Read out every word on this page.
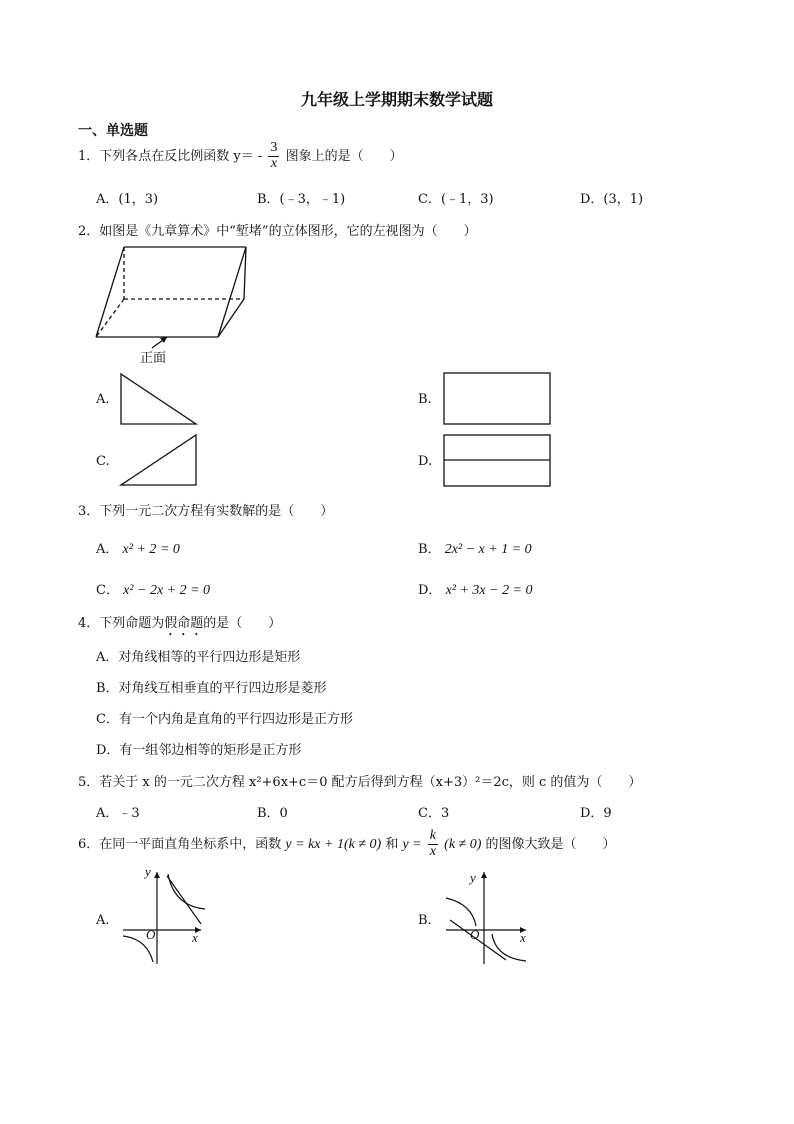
九年级上学期期末数学试题
一、单选题
1．下列各点在反比例函数 $y= - \frac{3}{x}$ 图象上的是（　　）
A．(1，3)	B．(﹣3，﹣1)	C．(﹣1，3)	D．(3，1)
2．如图是《九章算术》中“堑堵”的立体图形，它的左视图为（　　）
正面
A.	B.
C.	D.
3．下列一元二次方程有实数解的是（　　）
A． x² + 2 = 0	B． 2x² − x + 1 = 0
C． x² − 2x + 2 = 0	D． x² + 3x − 2 = 0
4．下列命题为假命题的是（　　）
A．对角线相等的平行四边形是矩形
B．对角线互相垂直的平行四边形是菱形
C．有一个内角是直角的平行四边形是正方形
D．有一组邻边相等的矩形是正方形
5．若关于 x 的一元二次方程 x²+6x+c＝0 配方后得到方程（x+3）²＝2c，则 c 的值为（　　）
A．﹣3	B．0	C．3	D．9
6．在同一平面直角坐标系中，函数 y = kx + 1(k ≠ 0) 和 $y = \frac{k}{x} (k \ne 0)$ 的图像大致是（　　）
A.
y
x
O
B.
y
x
O
